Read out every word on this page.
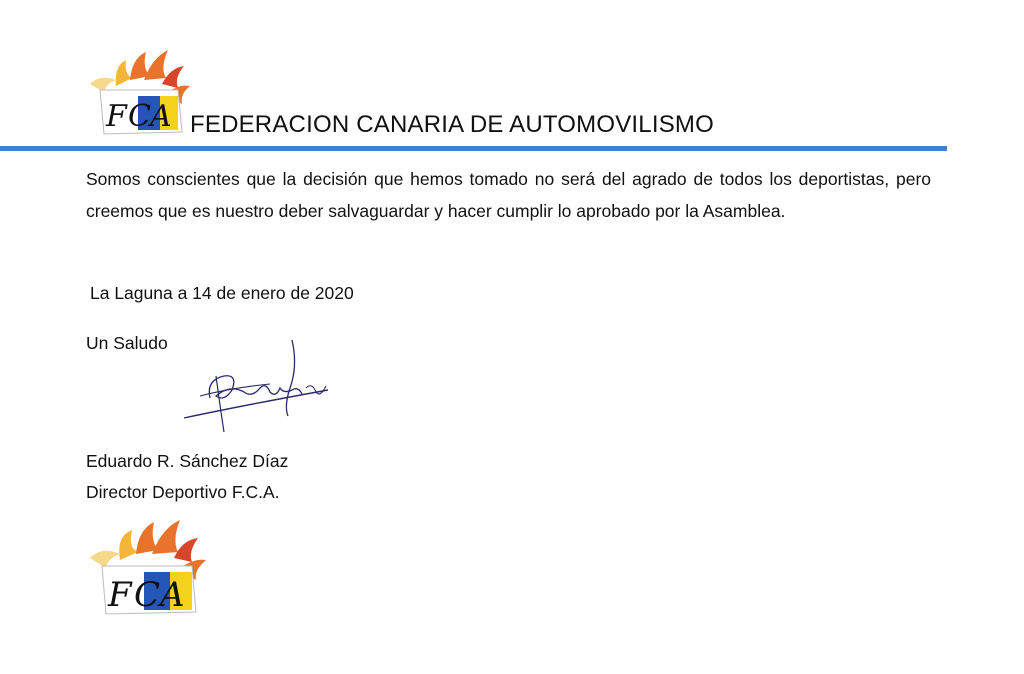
F C A FEDERACION CANARIA DE AUTOMOVILISMO

Somos conscientes que la decisión que hemos tomado no será del agrado de todos los deportistas, pero creemos que es nuestro deber salvaguardar y hacer cumplir lo aprobado por la Asamblea.

La Laguna a 14 de enero de 2020
Un Saludo
Eduardo R. Sánchez Díaz
Director Deportivo F.C.A.
F C A
